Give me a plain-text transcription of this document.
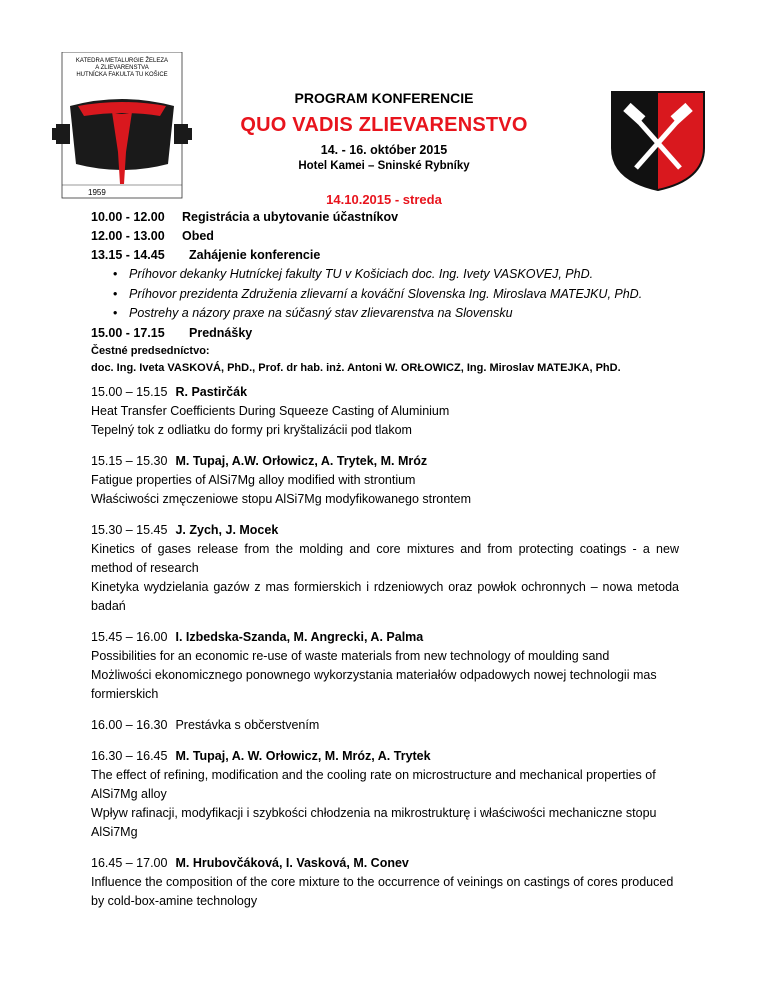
KATEDRA METALURGIE ŽELEZA
A ZLIEVARENSTVA
HUTNÍCKA FAKULTA TU KOŠICE
1959
PROGRAM KONFERENCIE
QUO VADIS ZLIEVARENSTVO
14. - 16. október 2015
Hotel Kamei – Sninské Rybníky
14.10.2015 - streda
10.00 - 12.00 Registrácia a ubytovanie účastníkov
12.00 - 13.00 Obed
13.15 - 14.45 Zahájenie konferencie
• Príhovor dekanky Hutníckej fakulty TU v Košiciach doc. Ing. Ivety VASKOVEJ, PhD.
• Príhovor prezidenta Združenia zlievarní a kováční Slovenska Ing. Miroslava MATEJKU, PhD.
• Postrehy a názory praxe na súčasný stav zlievarenstva na Slovensku
15.00 - 17.15 Prednášky
Čestné predsedníctvo:
doc. Ing. Iveta VASKOVÁ, PhD., Prof. dr hab. inż. Antoni W. ORŁOWICZ, Ing. Miroslav MATEJKA, PhD.
15.00 – 15.15 R. Pastirčák
Heat Transfer Coefficients During Squeeze Casting of Aluminium
Tepelný tok z odliatku do formy pri kryštalizácii pod tlakom
15.15 – 15.30 M. Tupaj, A.W. Orłowicz, A. Trytek, M. Mróz
Fatigue properties of AlSi7Mg alloy modified with strontium
Właściwości zmęczeniowe stopu AlSi7Mg modyfikowanego strontem
15.30 – 15.45 J. Zych, J. Mocek
Kinetics of gases release from the molding and core mixtures and from protecting coatings - a new method of research
Kinetyka wydzielania gazów z mas formierskich i rdzeniowych oraz powłok ochronnych – nowa metoda badań
15.45 – 16.00 I. Izbedska-Szanda, M. Angrecki, A. Palma
Possibilities for an economic re-use of waste materials from new technology of moulding sand
Możliwości ekonomicznego ponownego wykorzystania materiałów odpadowych nowej technologii mas formierskich
16.00 – 16.30 Prestávka s občerstvením
16.30 – 16.45 M. Tupaj, A. W. Orłowicz, M. Mróz, A. Trytek
The effect of refining, modification and the cooling rate on microstructure and mechanical properties of AlSi7Mg alloy
Wpływ rafinacji, modyfikacji i szybkości chłodzenia na mikrostrukturę i właściwości mechaniczne stopu AlSi7Mg
16.45 – 17.00 M. Hrubovčáková, I. Vasková, M. Conev
Influence the composition of the core mixture to the occurrence of veinings on castings of cores produced by cold-box-amine technology
